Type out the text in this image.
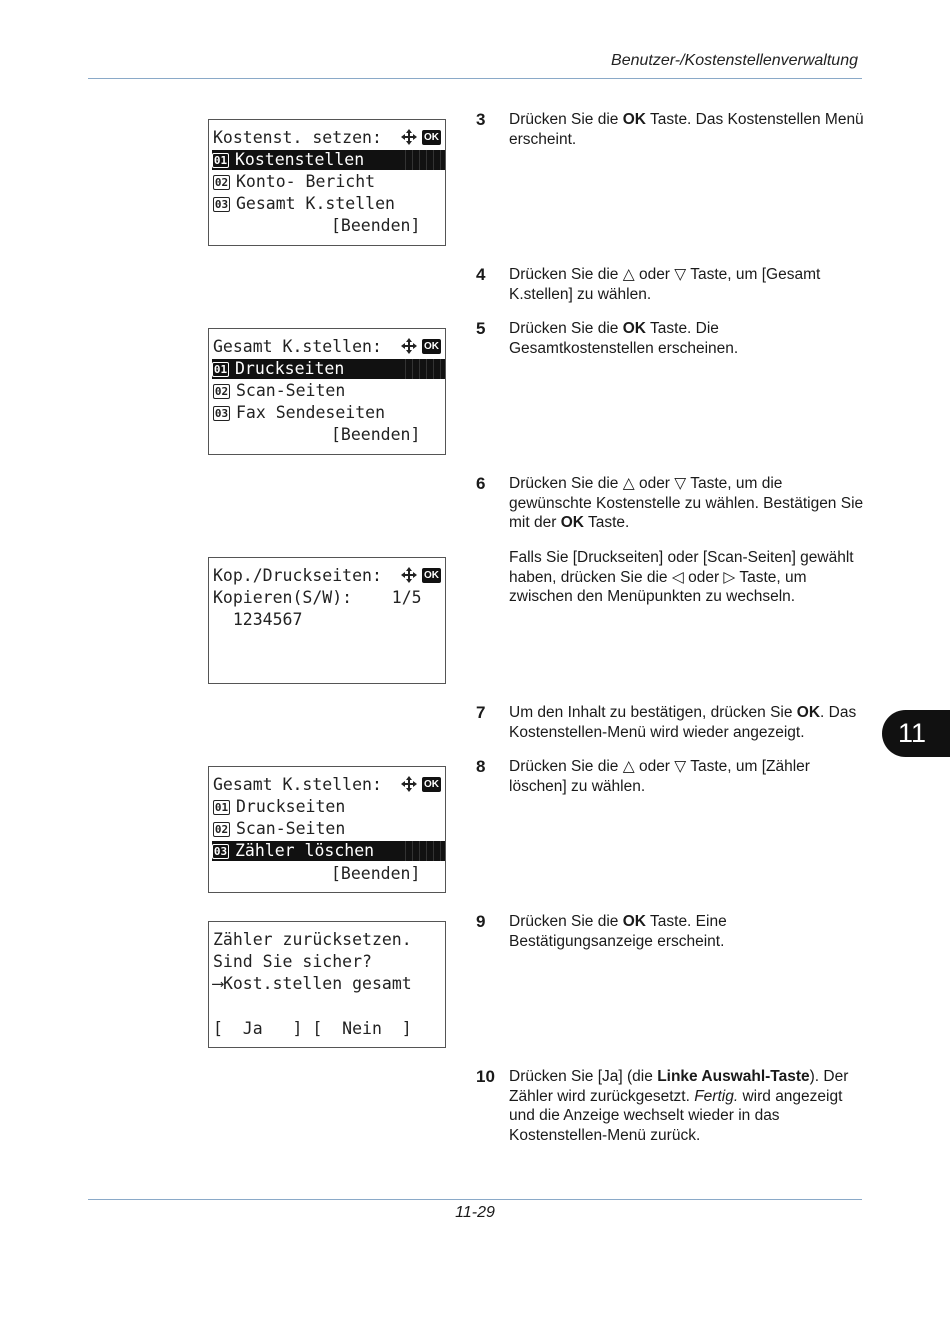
Benutzer-/Kostenstellenverwaltung
Kostenst. setzen:	OK
01 Kostenstellen
02 Konto- Bericht
03 Gesamt K.stellen
[Beenden]
Gesamt K.stellen:	OK
01 Druckseiten
02 Scan-Seiten
03 Fax Sendeseiten
[Beenden]
Kop./Druckseiten:	OK
Kopieren(S/W):    1/5
1234567
Gesamt K.stellen:	OK
01 Druckseiten
02 Scan-Seiten
03 Zähler löschen
[Beenden]
Zähler zurücksetzen.
Sind Sie sicher?
⟶Kost.stellen gesamt
[  Ja   ] [  Nein  ]
3 Drücken Sie die OK Taste. Das Kostenstellen Menü erscheint.
4 Drücken Sie die △ oder ▽ Taste, um [Gesamt K.stellen] zu wählen.
5 Drücken Sie die OK Taste. Die Gesamtkostenstellen erscheinen.
6 Drücken Sie die △ oder ▽ Taste, um die gewünschte Kostenstelle zu wählen. Bestätigen Sie mit der OK Taste.
Falls Sie [Druckseiten] oder [Scan-Seiten] gewählt haben, drücken Sie die ◁ oder ▷ Taste, um zwischen den Menüpunkten zu wechseln.
7 Um den Inhalt zu bestätigen, drücken Sie OK. Das Kostenstellen-Menü wird wieder angezeigt.
8 Drücken Sie die △ oder ▽ Taste, um [Zähler löschen] zu wählen.
9 Drücken Sie die OK Taste. Eine Bestätigungsanzeige erscheint.
10 Drücken Sie [Ja] (die Linke Auswahl-Taste). Der Zähler wird zurückgesetzt. Fertig. wird angezeigt und die Anzeige wechselt wieder in das Kostenstellen-Menü zurück.
11
11-29
